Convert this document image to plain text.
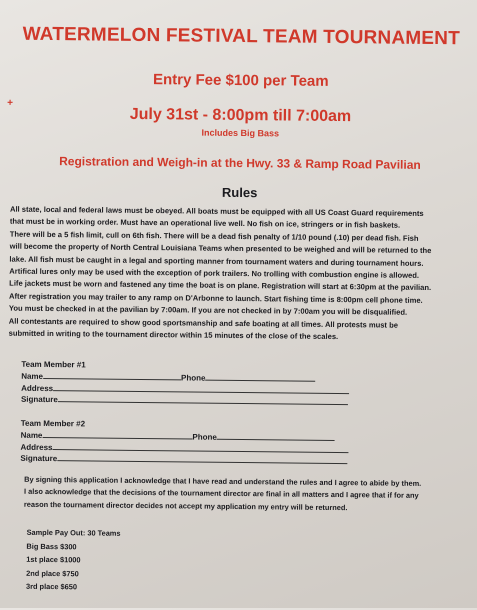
+
WATERMELON FESTIVAL TEAM TOURNAMENT
Entry Fee $100 per Team
July 31st - 8:00pm till 7:00am
Includes Big Bass
Registration and Weigh-in at the Hwy. 33 & Ramp Road Pavilian
Rules
All state, local and federal laws must be obeyed. All boats must be equipped with all US Coast Guard requirements
that must be in working order. Must have an operational live well. No fish on ice, stringers or in fish baskets.
There will be a 5 fish limit, cull on 6th fish. There will be a dead fish penalty of 1/10 pound (.10) per dead fish. Fish
will become the property of North Central Louisiana Teams when presented to be weighed and will be returned to the
lake. All fish must be caught in a legal and sporting manner from tournament waters and during tournament hours.
Artifical lures only may be used with the exception of pork trailers. No trolling with combustion engine is allowed.
Life jackets must be worn and fastened any time the boat is on plane. Registration will start at 6:30pm at the pavilian.
After registration you may trailer to any ramp on D'Arbonne to launch. Start fishing time is 8:00pm cell phone time.
You must be checked in at the pavilian by 7:00am. If you are not checked in by 7:00am you will be disqualified.
All contestants are required to show good sportsmanship and safe boating at all times. All protests must be
submitted in writing to the tournament director within 15 minutes of the close of the scales.
Team Member #1
Name	Phone
Address
Signature
Team Member #2
Name	Phone
Address
Signature
By signing this application I acknowledge that I have read and understand the rules and I agree to abide by them.
I also acknowledge that the decisions of the tournament director are final in all matters and I agree that if for any
reason the tournament director decides not accept my application my entry will be returned.
Sample Pay Out: 30 Teams
Big Bass $300
1st place $1000
2nd place $750
3rd place $650
